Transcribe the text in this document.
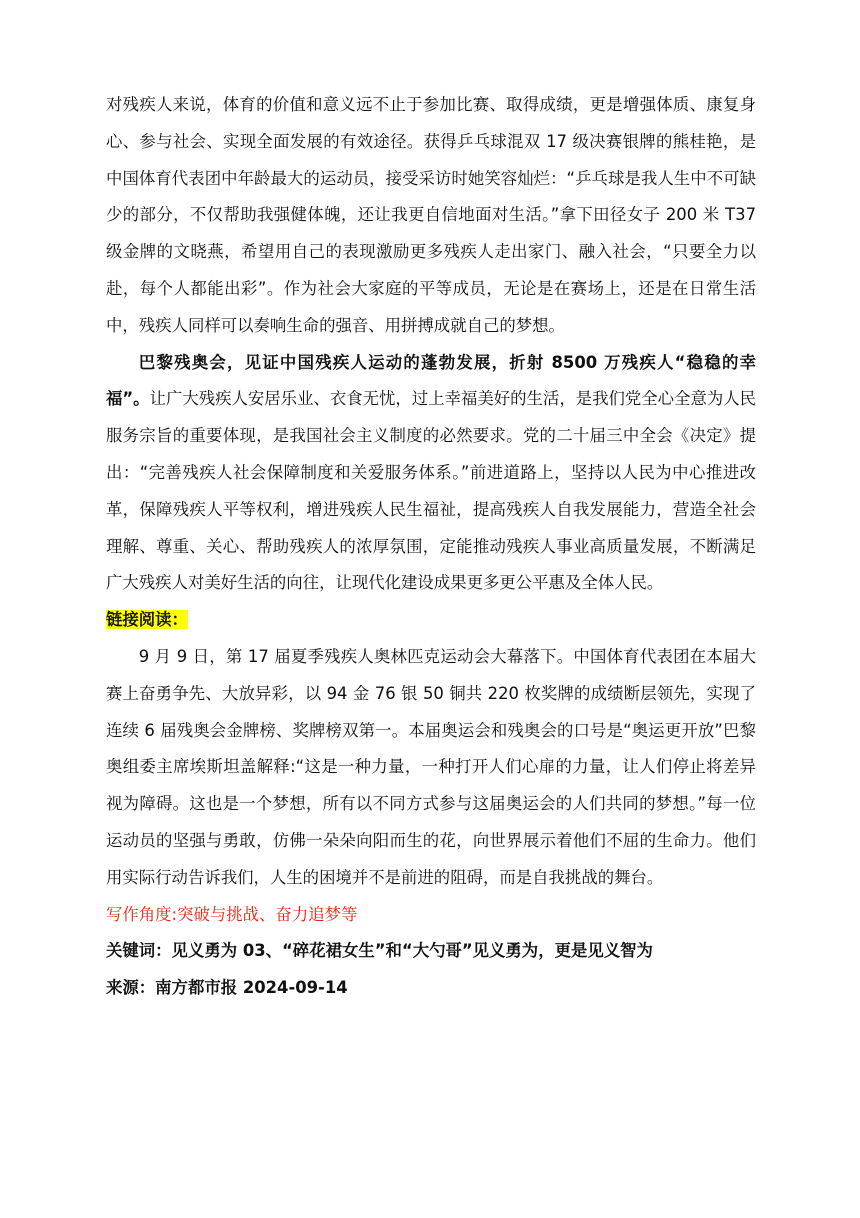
对残疾人来说，体育的价值和意义远不止于参加比赛、取得成绩，更是增强体质、康复身心、参与社会、实现全面发展的有效途径。获得乒乓球混双 17 级决赛银牌的熊桂艳，是中国体育代表团中年龄最大的运动员，接受采访时她笑容灿烂：“乒乓球是我人生中不可缺少的部分，不仅帮助我强健体魄，还让我更自信地面对生活。”拿下田径女子 200 米 T37 级金牌的文晓燕，希望用自己的表现激励更多残疾人走出家门、融入社会，“只要全力以赴，每个人都能出彩”。作为社会大家庭的平等成员，无论是在赛场上，还是在日常生活中，残疾人同样可以奏响生命的强音、用拼搏成就自己的梦想。

巴黎残奥会，见证中国残疾人运动的蓬勃发展，折射 8500 万残疾人“稳稳的幸福”。让广大残疾人安居乐业、衣食无忧，过上幸福美好的生活，是我们党全心全意为人民服务宗旨的重要体现，是我国社会主义制度的必然要求。党的二十届三中全会《决定》提出：“完善残疾人社会保障制度和关爱服务体系。”前进道路上，坚持以人民为中心推进改革，保障残疾人平等权利，增进残疾人民生福祉，提高残疾人自我发展能力，营造全社会理解、尊重、关心、帮助残疾人的浓厚氛围，定能推动残疾人事业高质量发展，不断满足广大残疾人对美好生活的向往，让现代化建设成果更多更公平惠及全体人民。

链接阅读：

9 月 9 日，第 17 届夏季残疾人奥林匹克运动会大幕落下。中国体育代表团在本届大赛上奋勇争先、大放异彩，以 94 金 76 银 50 铜共 220 枚奖牌的成绩断层领先，实现了连续 6 届残奥会金牌榜、奖牌榜双第一。本届奥运会和残奥会的口号是“奥运更开放”巴黎奥组委主席埃斯坦盖解释:“这是一种力量，一种打开人们心扉的力量，让人们停止将差异视为障碍。这也是一个梦想，所有以不同方式参与这届奥运会的人们共同的梦想。”每一位运动员的坚强与勇敢，仿佛一朵朵向阳而生的花，向世界展示着他们不屈的生命力。他们用实际行动告诉我们，人生的困境并不是前进的阻碍，而是自我挑战的舞台。

写作角度:突破与挑战、奋力追梦等

关键词：见义勇为 03、“碎花裙女生”和“大勺哥”见义勇为，更是见义智为

来源：南方都市报 2024-09-14
